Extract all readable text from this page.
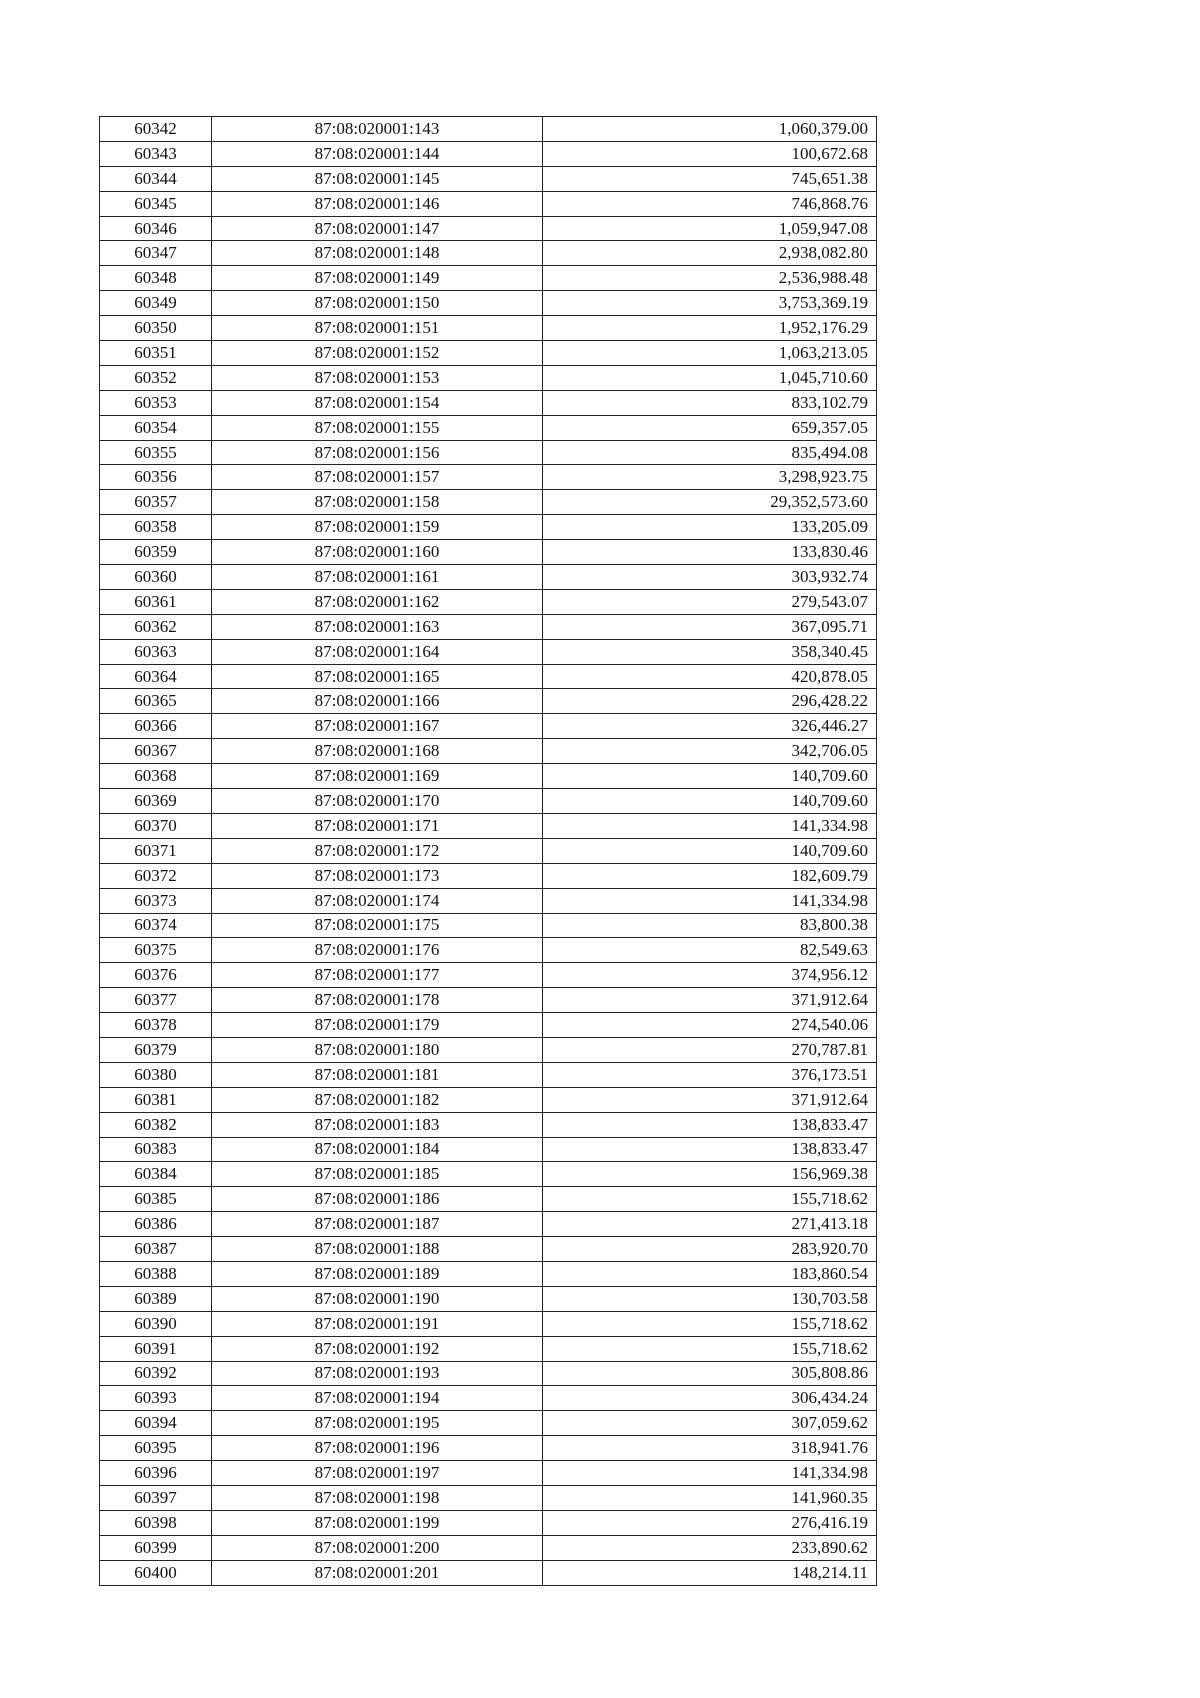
60342	87:08:020001:143	1,060,379.00
60343	87:08:020001:144	100,672.68
60344	87:08:020001:145	745,651.38
60345	87:08:020001:146	746,868.76
60346	87:08:020001:147	1,059,947.08
60347	87:08:020001:148	2,938,082.80
60348	87:08:020001:149	2,536,988.48
60349	87:08:020001:150	3,753,369.19
60350	87:08:020001:151	1,952,176.29
60351	87:08:020001:152	1,063,213.05
60352	87:08:020001:153	1,045,710.60
60353	87:08:020001:154	833,102.79
60354	87:08:020001:155	659,357.05
60355	87:08:020001:156	835,494.08
60356	87:08:020001:157	3,298,923.75
60357	87:08:020001:158	29,352,573.60
60358	87:08:020001:159	133,205.09
60359	87:08:020001:160	133,830.46
60360	87:08:020001:161	303,932.74
60361	87:08:020001:162	279,543.07
60362	87:08:020001:163	367,095.71
60363	87:08:020001:164	358,340.45
60364	87:08:020001:165	420,878.05
60365	87:08:020001:166	296,428.22
60366	87:08:020001:167	326,446.27
60367	87:08:020001:168	342,706.05
60368	87:08:020001:169	140,709.60
60369	87:08:020001:170	140,709.60
60370	87:08:020001:171	141,334.98
60371	87:08:020001:172	140,709.60
60372	87:08:020001:173	182,609.79
60373	87:08:020001:174	141,334.98
60374	87:08:020001:175	83,800.38
60375	87:08:020001:176	82,549.63
60376	87:08:020001:177	374,956.12
60377	87:08:020001:178	371,912.64
60378	87:08:020001:179	274,540.06
60379	87:08:020001:180	270,787.81
60380	87:08:020001:181	376,173.51
60381	87:08:020001:182	371,912.64
60382	87:08:020001:183	138,833.47
60383	87:08:020001:184	138,833.47
60384	87:08:020001:185	156,969.38
60385	87:08:020001:186	155,718.62
60386	87:08:020001:187	271,413.18
60387	87:08:020001:188	283,920.70
60388	87:08:020001:189	183,860.54
60389	87:08:020001:190	130,703.58
60390	87:08:020001:191	155,718.62
60391	87:08:020001:192	155,718.62
60392	87:08:020001:193	305,808.86
60393	87:08:020001:194	306,434.24
60394	87:08:020001:195	307,059.62
60395	87:08:020001:196	318,941.76
60396	87:08:020001:197	141,334.98
60397	87:08:020001:198	141,960.35
60398	87:08:020001:199	276,416.19
60399	87:08:020001:200	233,890.62
60400	87:08:020001:201	148,214.11
